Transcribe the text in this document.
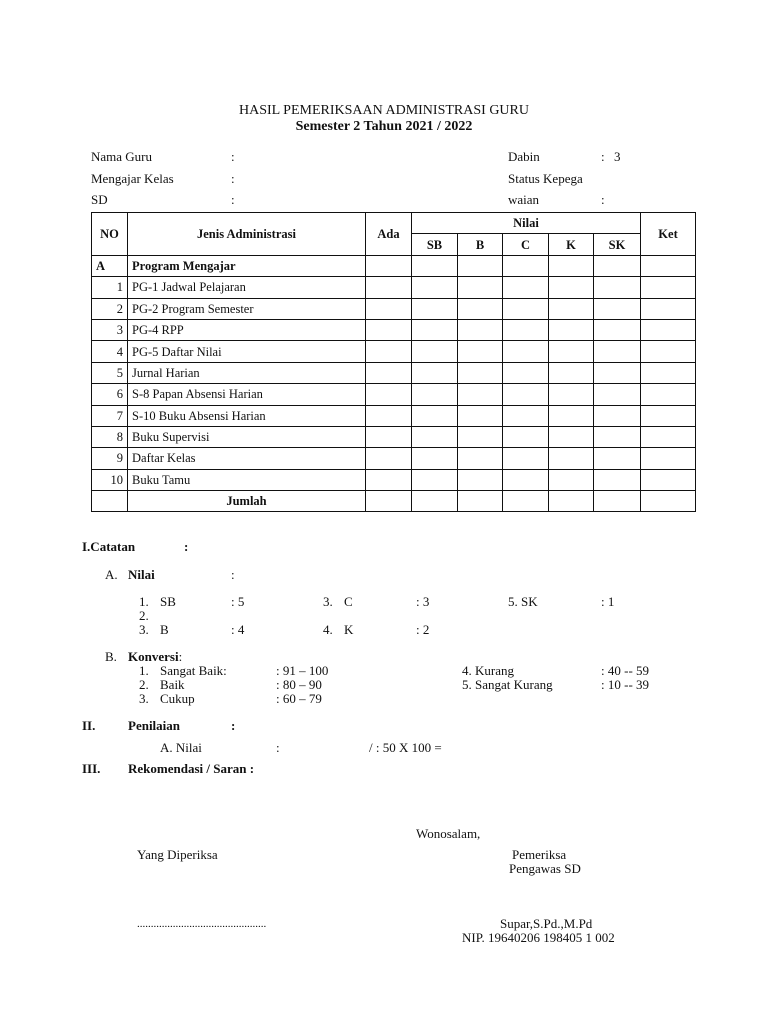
HASIL PEMERIKSAAN ADMINISTRASI GURU
Semester 2 Tahun 2021 / 2022
Nama Guru	:
Mengajar Kelas	:
SD	:
Dabin	: 3
Status Kepega
waian	:
NO	Jenis Administrasi	Ada	Nilai					Ket
			SB	B	C	K	SK	
A	Program Mengajar							
1	PG-1 Jadwal Pelajaran							
2	PG-2 Program Semester							
3	PG-4 RPP							
4	PG-5 Daftar Nilai							
5	Jurnal Harian							
6	S-8 Papan Absensi Harian							
7	S-10 Buku Absensi Harian							
8	Buku Supervisi							
9	Daftar Kelas							
10	Buku Tamu							
	Jumlah							
I.Catatan	:
A. Nilai	:
1. SB	: 5	3. C	: 3	5. SK	: 1
2.
3. B	: 4	4. K	: 2
B. Konversi:
1. Sangat Baik:	: 91 – 100
2. Baik	: 80 – 90
3. Cukup	: 60 – 79
4. Kurang	: 40 -- 59
5. Sangat Kurang	: 10 -- 39
II.	Penilaian	:
A. Nilai	:	/ : 50 X 100 =
III. Rekomendasi / Saran :
Wonosalam,
Yang Diperiksa
...............................................
Pemeriksa
Pengawas SD
Supar,S.Pd.,M.Pd
NIP. 19640206 198405 1 002
